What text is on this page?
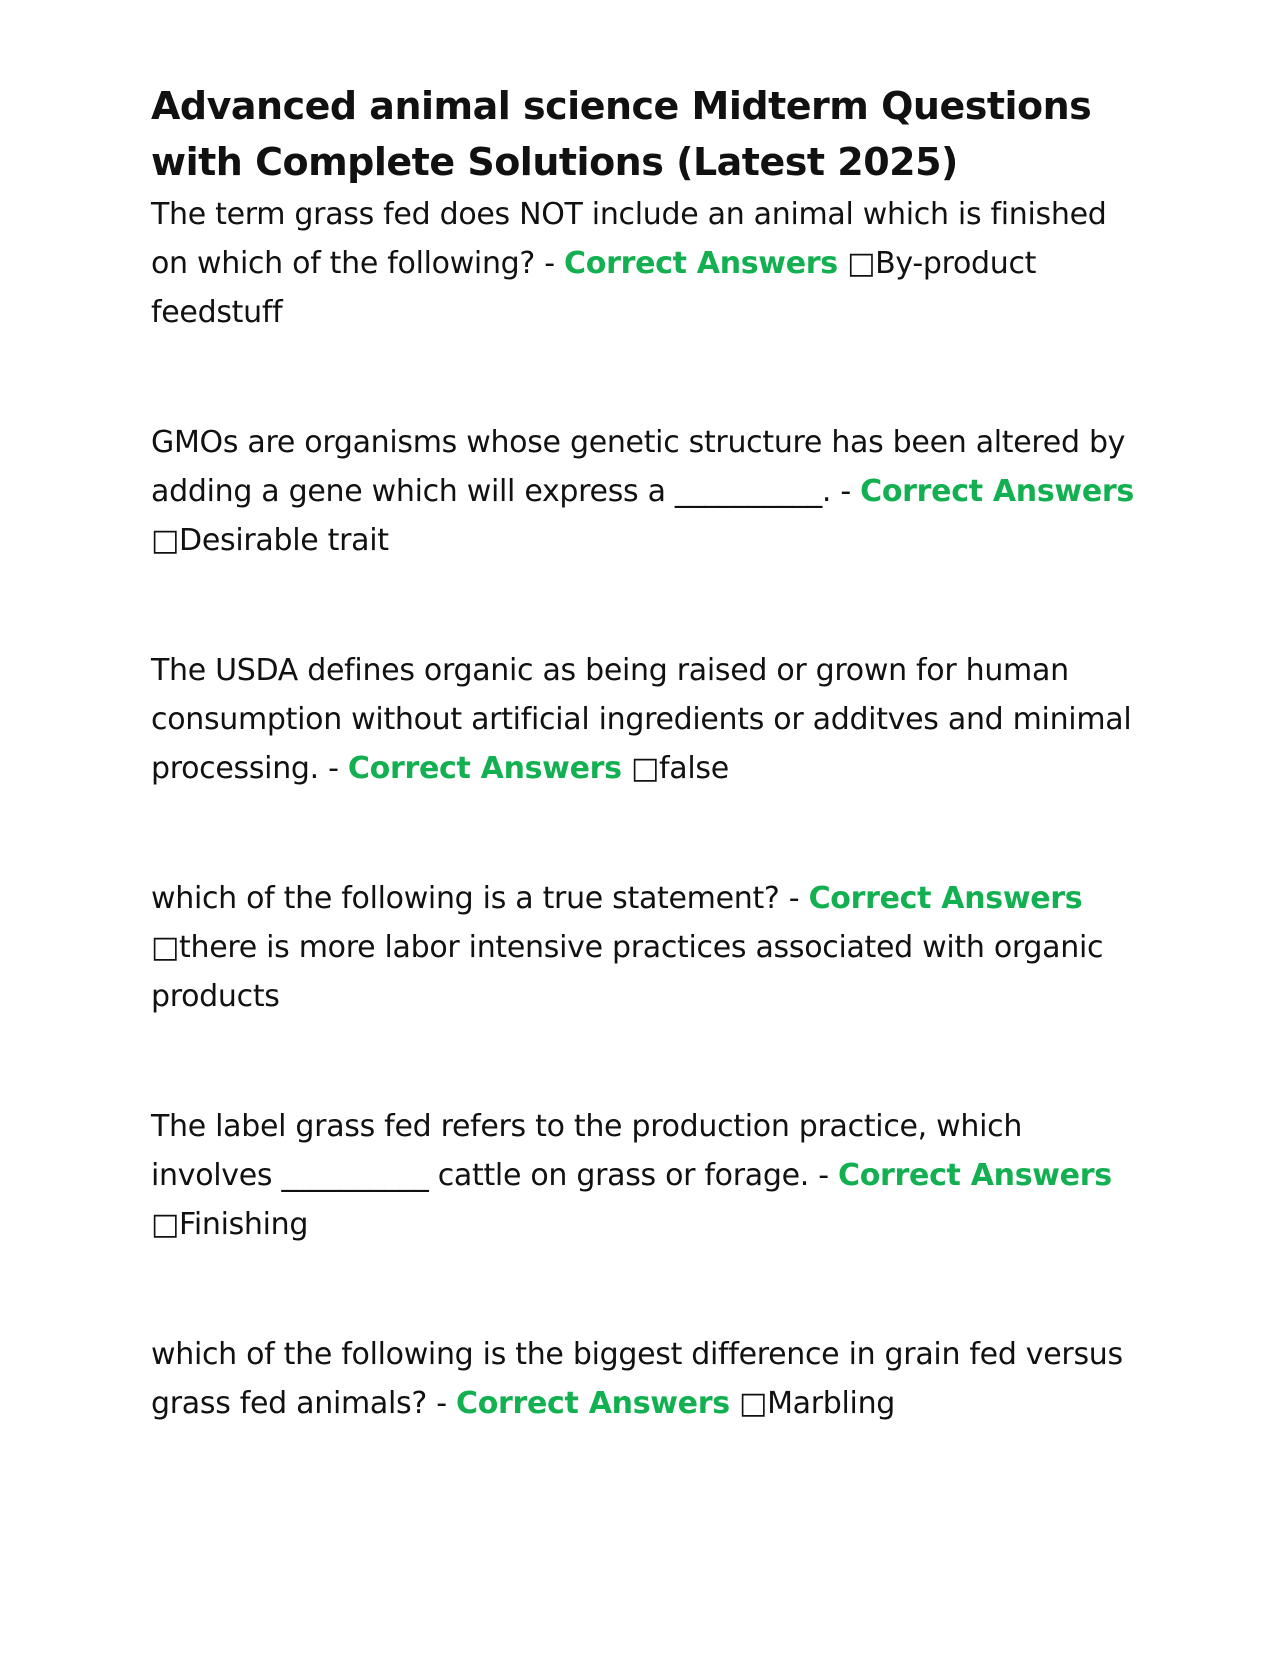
Advanced animal science Midterm Questions with Complete Solutions (Latest 2025)

The term grass fed does NOT include an animal which is finished on which of the following? - Correct Answers □By-product feedstuff

GMOs are organisms whose genetic structure has been altered by adding a gene which will express a __________. - Correct Answers □Desirable trait

The USDA defines organic as being raised or grown for human consumption without artificial ingredients or additves and minimal processing. - Correct Answers □false

which of the following is a true statement? - Correct Answers □there is more labor intensive practices associated with organic products

The label grass fed refers to the production practice, which involves __________ cattle on grass or forage. - Correct Answers □Finishing

which of the following is the biggest difference in grain fed versus grass fed animals? - Correct Answers □Marbling
